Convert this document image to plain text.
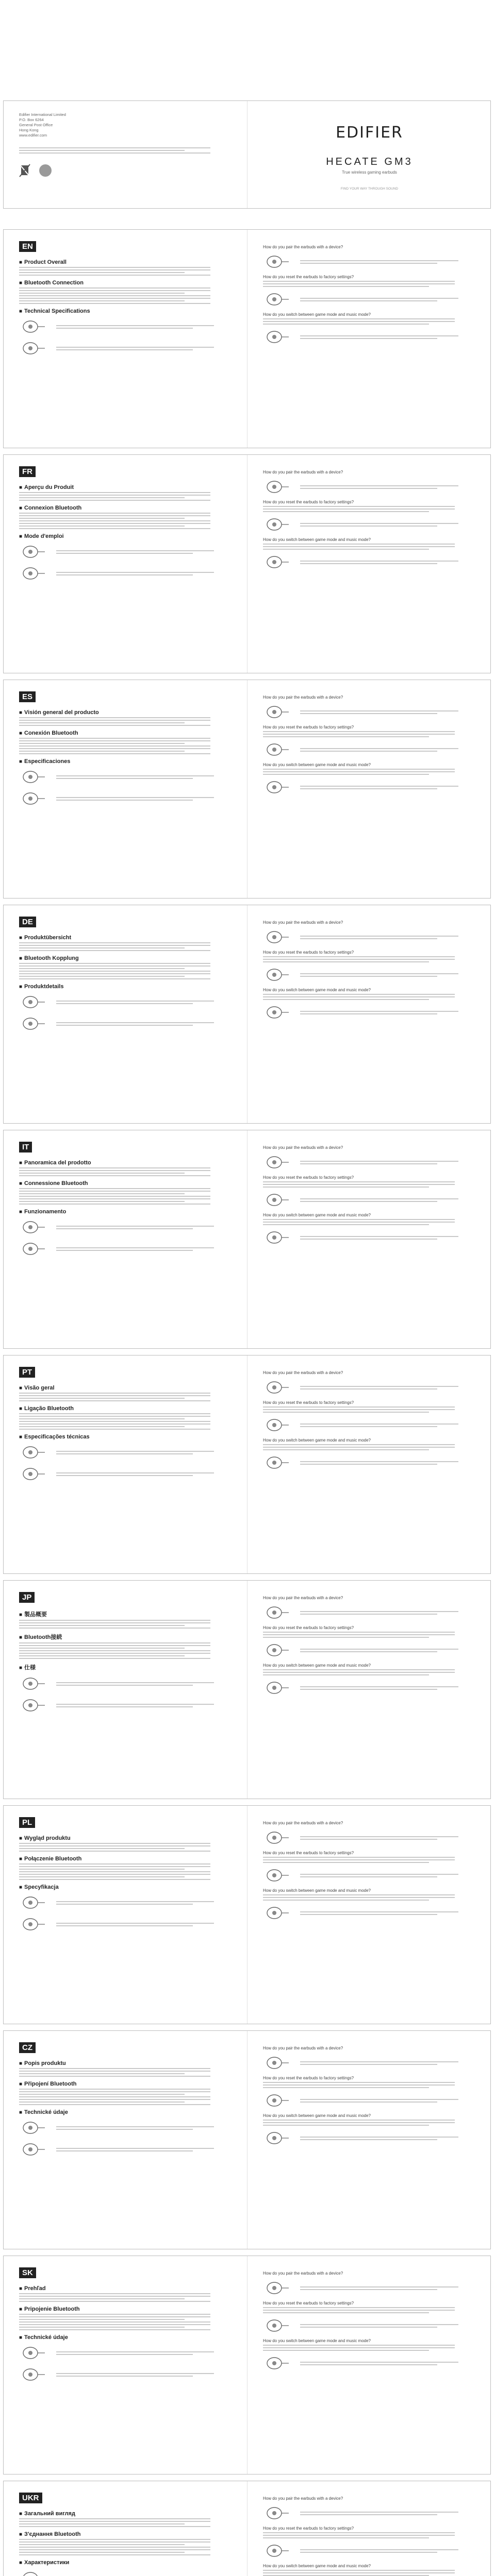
Edifier International Limited
P.O. Box 6264
General Post Office
Hong Kong
www.edifier.com	EDIFIER
HECATE GM3
True wireless gaming earbuds
FIND YOUR WAY THROUGH SOUND
EN
■ Product Overall
■ Bluetooth Connection
■ Technical Specifications
How do you pair the earbuds with a device?
How do you reset the earbuds to factory settings?
How do you switch between game mode and music mode?
FR
■ Aperçu du Produit
■ Connexion Bluetooth
■ Mode d'emploi
How do you pair the earbuds with a device?
How do you reset the earbuds to factory settings?
How do you switch between game mode and music mode?
ES
■ Visión general del producto
■ Conexión Bluetooth
■ Especificaciones
How do you pair the earbuds with a device?
How do you reset the earbuds to factory settings?
How do you switch between game mode and music mode?
DE
■ Produktübersicht
■ Bluetooth Kopplung
■ Produktdetails
How do you pair the earbuds with a device?
How do you reset the earbuds to factory settings?
How do you switch between game mode and music mode?
IT
■ Panoramica del prodotto
■ Connessione Bluetooth
■ Funzionamento
How do you pair the earbuds with a device?
How do you reset the earbuds to factory settings?
How do you switch between game mode and music mode?
PT
■ Visão geral
■ Ligação Bluetooth
■ Especificações técnicas
How do you pair the earbuds with a device?
How do you reset the earbuds to factory settings?
How do you switch between game mode and music mode?
JP
■ 製品概要
■ Bluetooth接続
■ 仕様
How do you pair the earbuds with a device?
How do you reset the earbuds to factory settings?
How do you switch between game mode and music mode?
PL
■ Wygląd produktu
■ Połączenie Bluetooth
■ Specyfikacja
How do you pair the earbuds with a device?
How do you reset the earbuds to factory settings?
How do you switch between game mode and music mode?
CZ
■ Popis produktu
■ Připojení Bluetooth
■ Technické údaje
How do you pair the earbuds with a device?
How do you reset the earbuds to factory settings?
How do you switch between game mode and music mode?
SK
■ Prehľad
■ Pripojenie Bluetooth
■ Technické údaje
How do you pair the earbuds with a device?
How do you reset the earbuds to factory settings?
How do you switch between game mode and music mode?
UKR
■ Загальний вигляд
■ З'єднання Bluetooth
■ Характеристики
How do you pair the earbuds with a device?
How do you reset the earbuds to factory settings?
How do you switch between game mode and music mode?
